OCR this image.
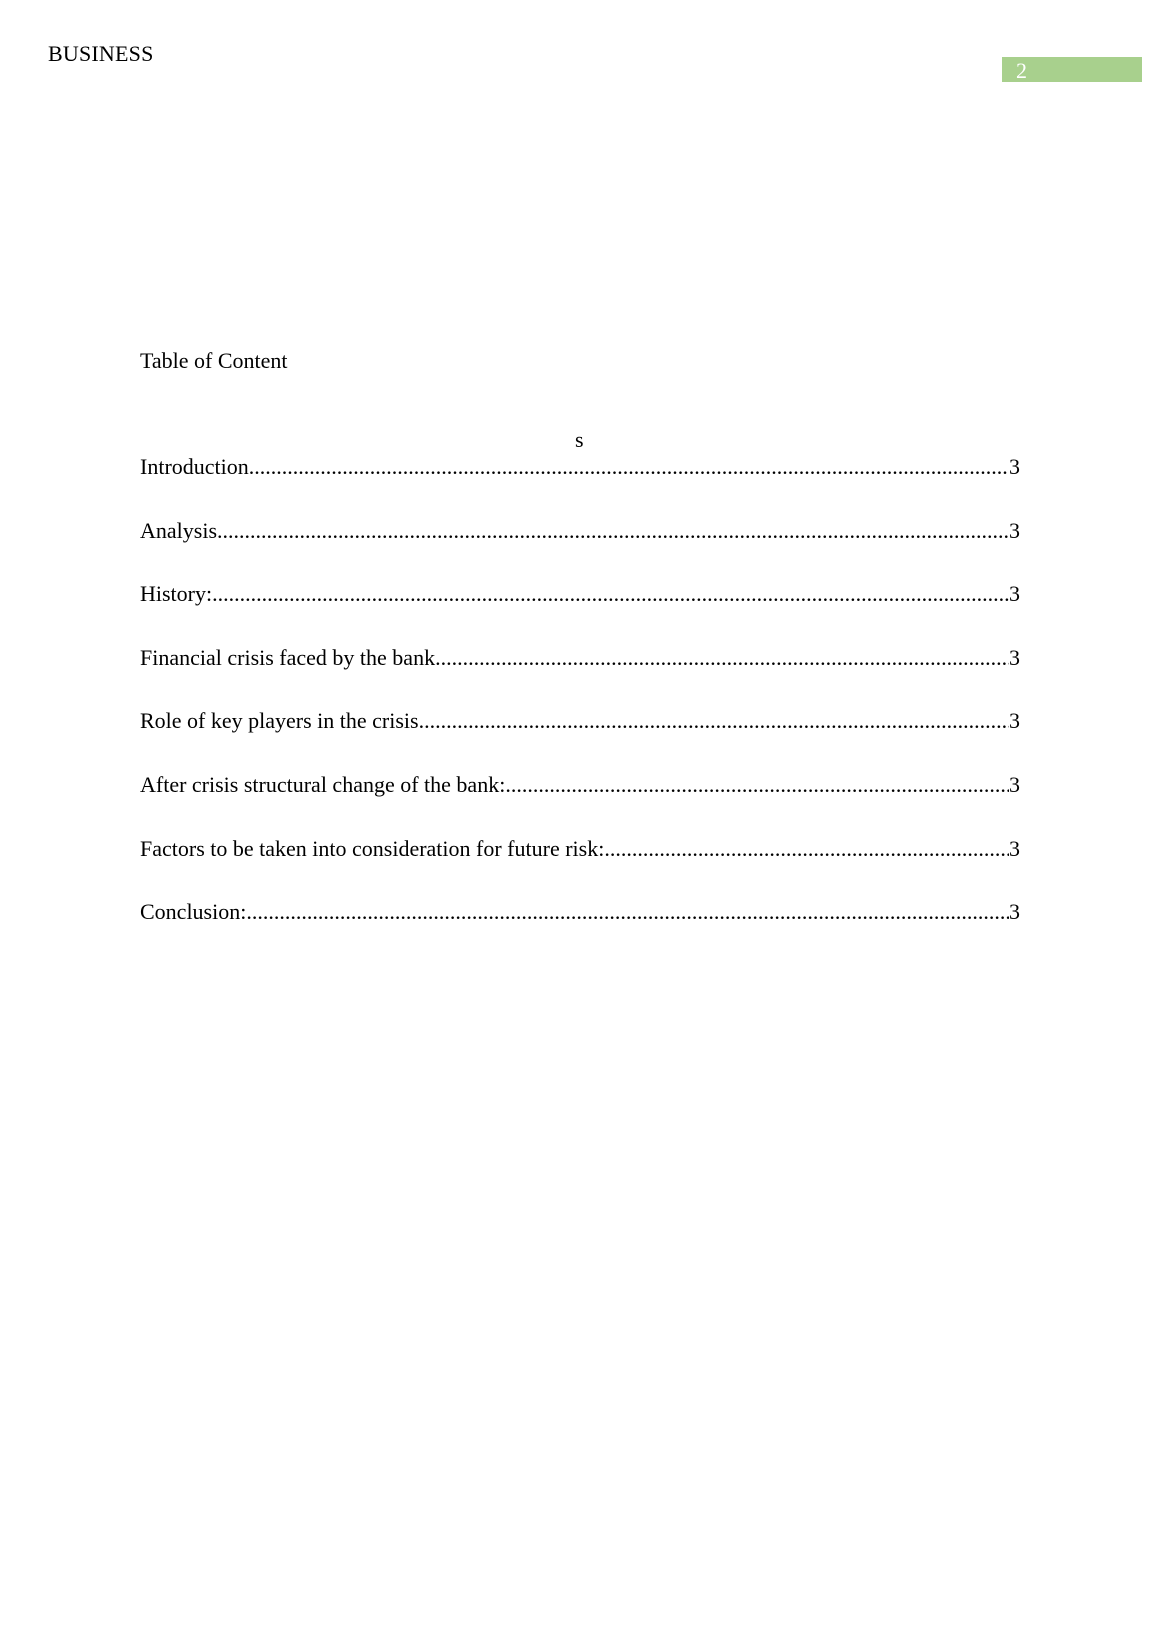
BUSINESS
2
Table of Content
s
Introduction .....	3
Analysis .....	3
History: .....	3
Financial crisis faced by the bank .....	3
Role of key players in the crisis .....	3
After crisis structural change of the bank: .....	3
Factors to be taken into consideration for future risk: .....	3
Conclusion: .....	3
